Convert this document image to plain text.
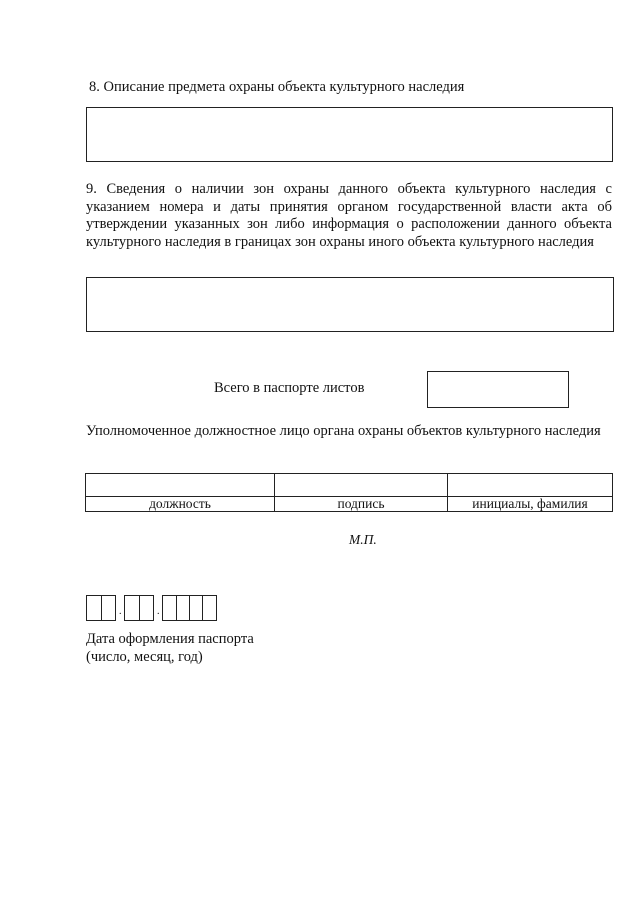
8. Описание предмета охраны объекта культурного наследия
9. Сведения о наличии зон охраны данного объекта культурного наследия с указанием номера и даты принятия органом государственной власти акта об утверждении указанных зон либо информация о расположении данного объекта культурного наследия в границах зон охраны иного объекта культурного наследия
Всего в паспорте листов
Уполномоченное должностное лицо органа охраны объектов культурного наследия

должность	подпись	инициалы, фамилия
М.П.
.	.
Дата оформления паспорта
(число, месяц, год)
